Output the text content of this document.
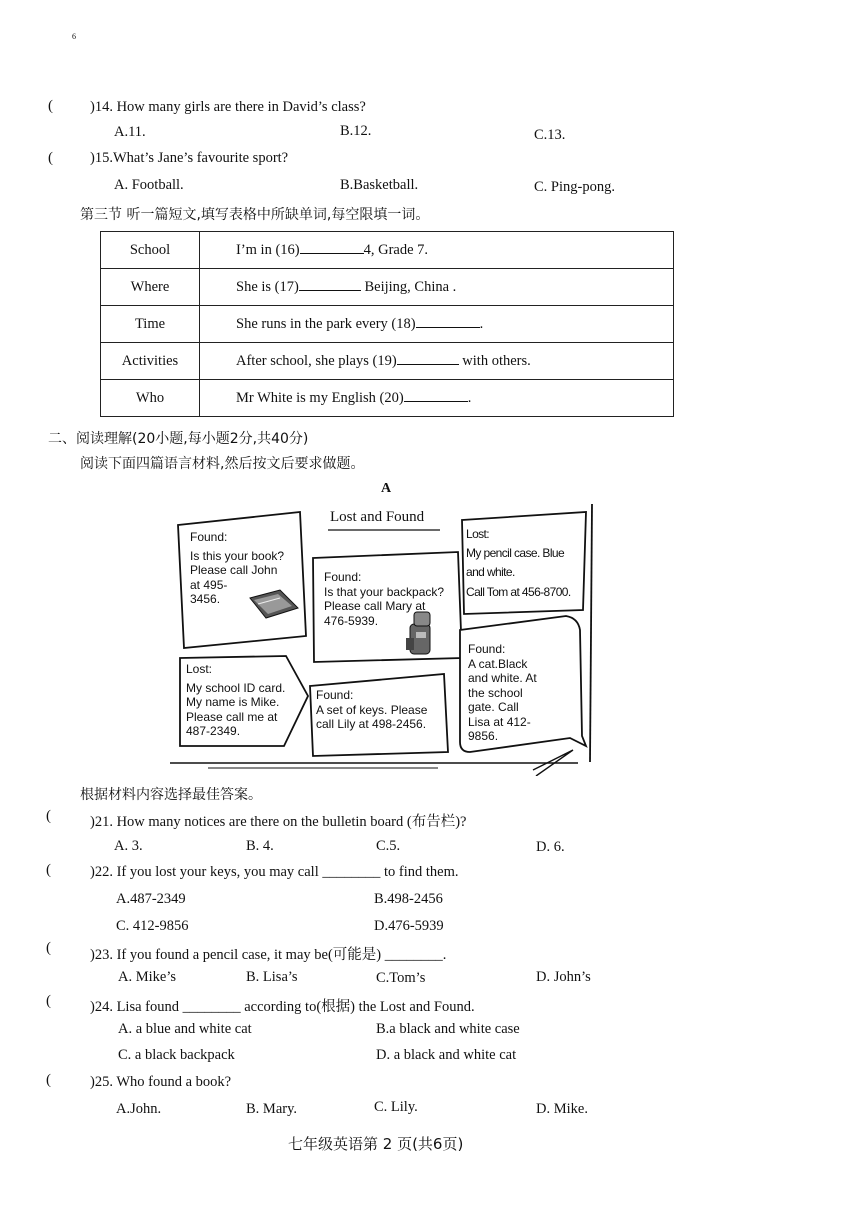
6
(	)14. How many girls are there in David’s class?
A.11.	B.12.	C.13.
(	)15.What’s Jane’s favourite sport?
A. Football.	B.Basketball.	C. Ping-pong.
第三节 听一篇短文,填写表格中所缺单词,每空限填一词。
School	I’m in (16) 4, Grade 7.
Where	She is (17) Beijing, China .
Time	She runs in the park every (18) .
Activities	After school, she plays (19) with others.
Who	Mr White is my English (20) .
二、阅读理解(20小题,每小题2分,共40分)
阅读下面四篇语言材料,然后按文后要求做题。
A
Lost and Found
Found:
Is this your book?
Please call John
at 495-
3456.
Found:
Is that your backpack?
Please call Mary at
476-5939.
Lost:
My pencil case. Blue
and white.
Call Tom at 456-8700.
Lost:
My school ID card.
My name is Mike.
Please call me at
487-2349.
Found:
A set of keys. Please
call Lily at 498-2456.
Found:
A cat.Black
and white. At
the school
gate. Call
Lisa at 412-
9856.
根据材料内容选择最佳答案。
(	)21. How many notices are there on the bulletin board (布告栏)?
A. 3.	B. 4.	C.5.	D. 6.
(	)22. If you lost your keys, you may call ________ to find them.
A.487-2349	B.498-2456
C. 412-9856	D.476-5939
(	)23. If you found a pencil case, it may be(可能是) ________.
A. Mike’s	B. Lisa’s	C.Tom’s	D. John’s
(	)24. Lisa found ________ according to(根据) the Lost and Found.
A. a blue and white cat	B.a black and white case
C. a black backpack	D. a black and white cat
(	)25. Who found a book?
A.John.	B. Mary.	C. Lily.	D. Mike.
七年级英语第 2 页(共6页)
